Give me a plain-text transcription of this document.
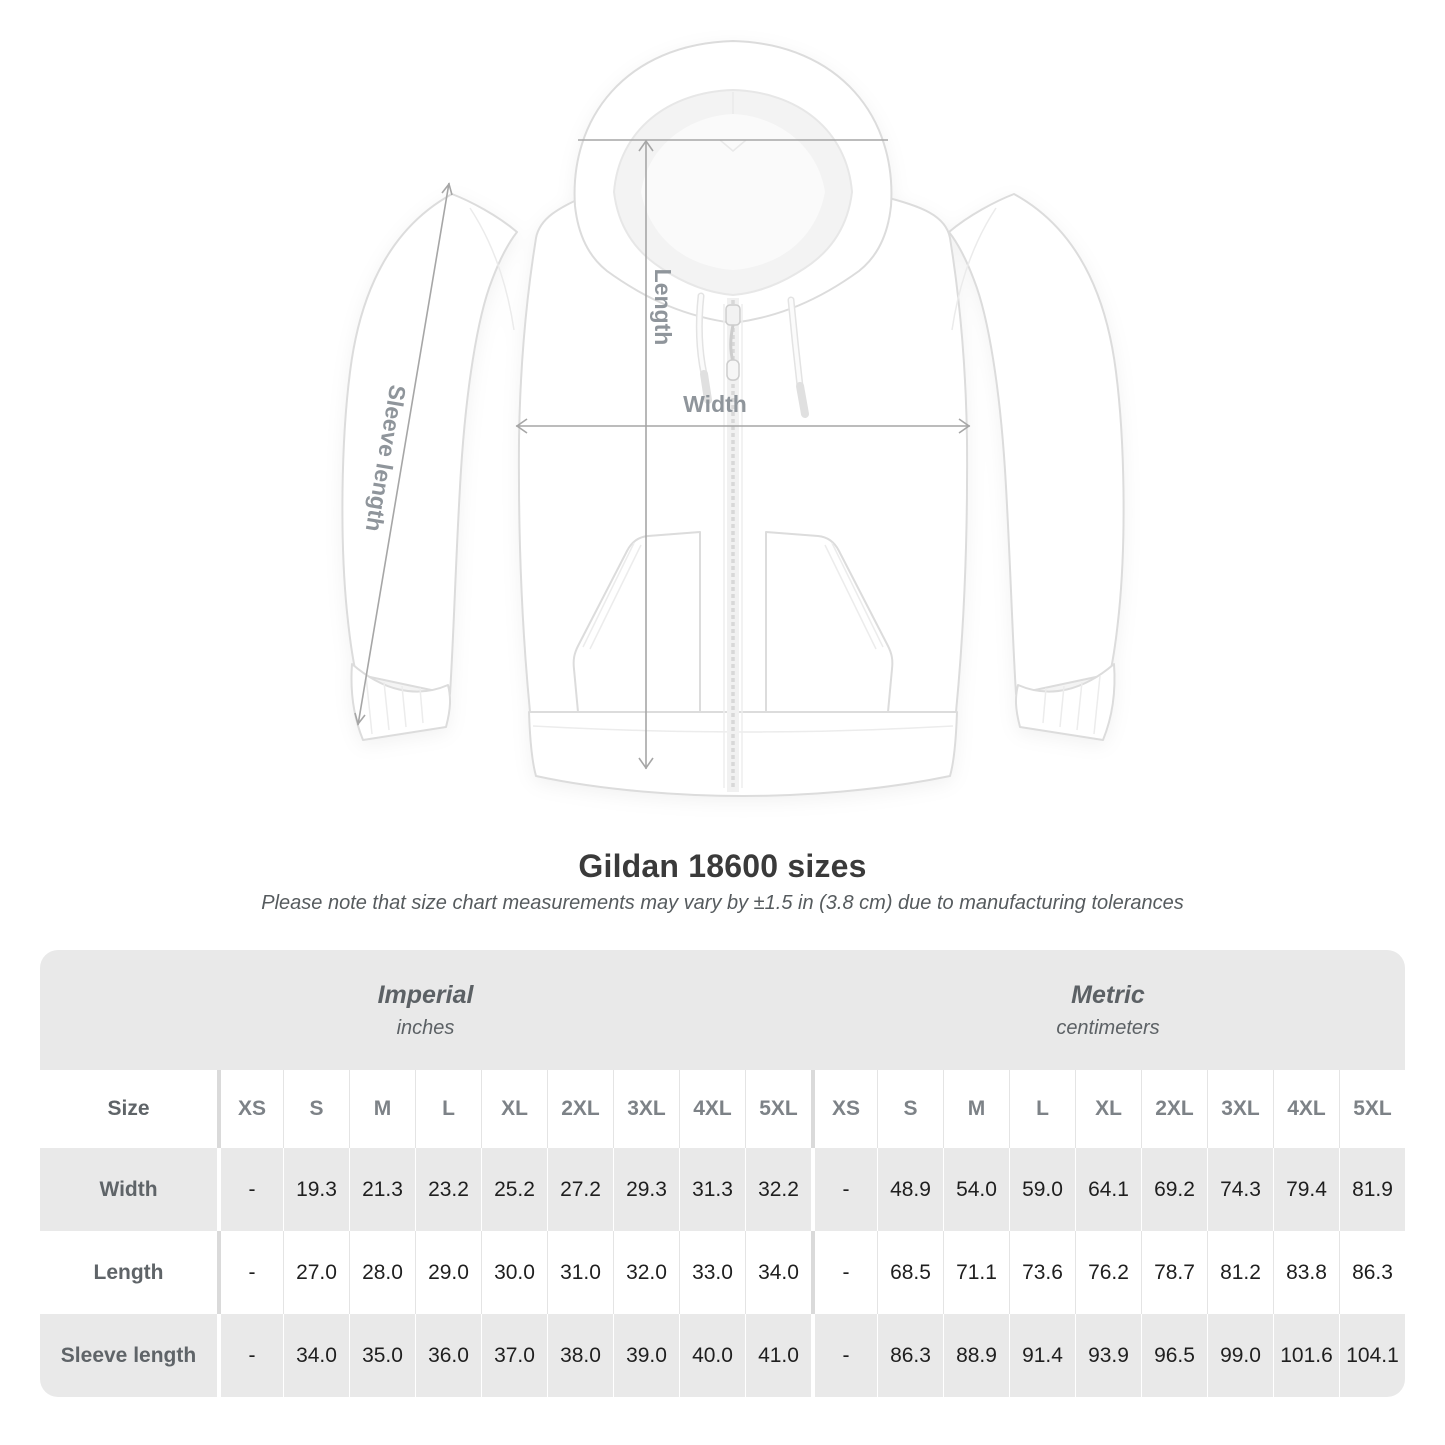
Length
Width
Sleeve length
Gildan 18600 sizes
Please note that size chart measurements may vary by ±1.5 in (3.8 cm) due to manufacturing tolerances
Imperial
inches
Metric
centimeters
Size	XS	S	M	L	XL	2XL	3XL	4XL	5XL	XS	S	M	L	XL	2XL	3XL	4XL	5XL
Width	-	19.3	21.3	23.2	25.2	27.2	29.3	31.3	32.2	-	48.9	54.0	59.0	64.1	69.2	74.3	79.4	81.9
Length	-	27.0	28.0	29.0	30.0	31.0	32.0	33.0	34.0	-	68.5	71.1	73.6	76.2	78.7	81.2	83.8	86.3
Sleeve length	-	34.0	35.0	36.0	37.0	38.0	39.0	40.0	41.0	-	86.3	88.9	91.4	93.9	96.5	99.0 101.6 104.1
